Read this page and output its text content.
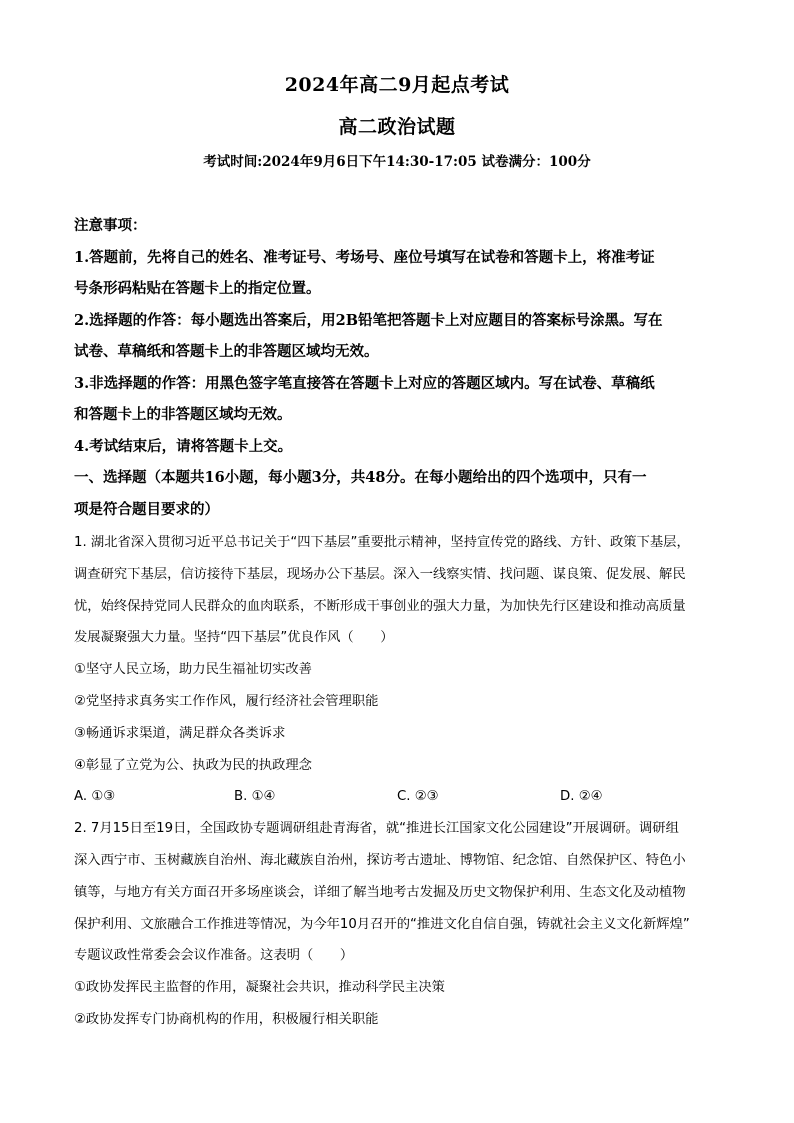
2024年高二9月起点考试
高二政治试题
考试时间:2024年9月6日下午14:30-17:05 试卷满分：100分
注意事项：
1.答题前，先将自己的姓名、准考证号、考场号、座位号填写在试卷和答题卡上，将准考证
号条形码粘贴在答题卡上的指定位置。
2.选择题的作答：每小题选出答案后，用2B铅笔把答题卡上对应题目的答案标号涂黑。写在
试卷、草稿纸和答题卡上的非答题区域均无效。
3.非选择题的作答：用黑色签字笔直接答在答题卡上对应的答题区域内。写在试卷、草稿纸
和答题卡上的非答题区域均无效。
4.考试结束后，请将答题卡上交。
一、选择题（本题共16小题，每小题3分，共48分。在每小题给出的四个选项中，只有一
项是符合题目要求的）
1. 湖北省深入贯彻习近平总书记关于“四下基层”重要批示精神，坚持宣传党的路线、方针、政策下基层，
调查研究下基层，信访接待下基层，现场办公下基层。深入一线察实情、找问题、谋良策、促发展、解民
忧，始终保持党同人民群众的血肉联系，不断形成干事创业的强大力量，为加快先行区建设和推动高质量
发展凝聚强大力量。坚持“四下基层”优良作风（　　）
①坚守人民立场，助力民生福祉切实改善
②党坚持求真务实工作作风，履行经济社会管理职能
③畅通诉求渠道，满足群众各类诉求
④彰显了立党为公、执政为民的执政理念
A. ①③	B. ①④	C. ②③	D. ②④
2. 7月15日至19日，全国政协专题调研组赴青海省，就“推进长江国家文化公园建设”开展调研。调研组
深入西宁市、玉树藏族自治州、海北藏族自治州，探访考古遗址、博物馆、纪念馆、自然保护区、特色小
镇等，与地方有关方面召开多场座谈会，详细了解当地考古发掘及历史文物保护利用、生态文化及动植物
保护利用、文旅融合工作推进等情况，为今年10月召开的“推进文化自信自强，铸就社会主义文化新辉煌”
专题议政性常委会会议作准备。这表明（　　）
①政协发挥民主监督的作用，凝聚社会共识，推动科学民主决策
②政协发挥专门协商机构的作用，积极履行相关职能
